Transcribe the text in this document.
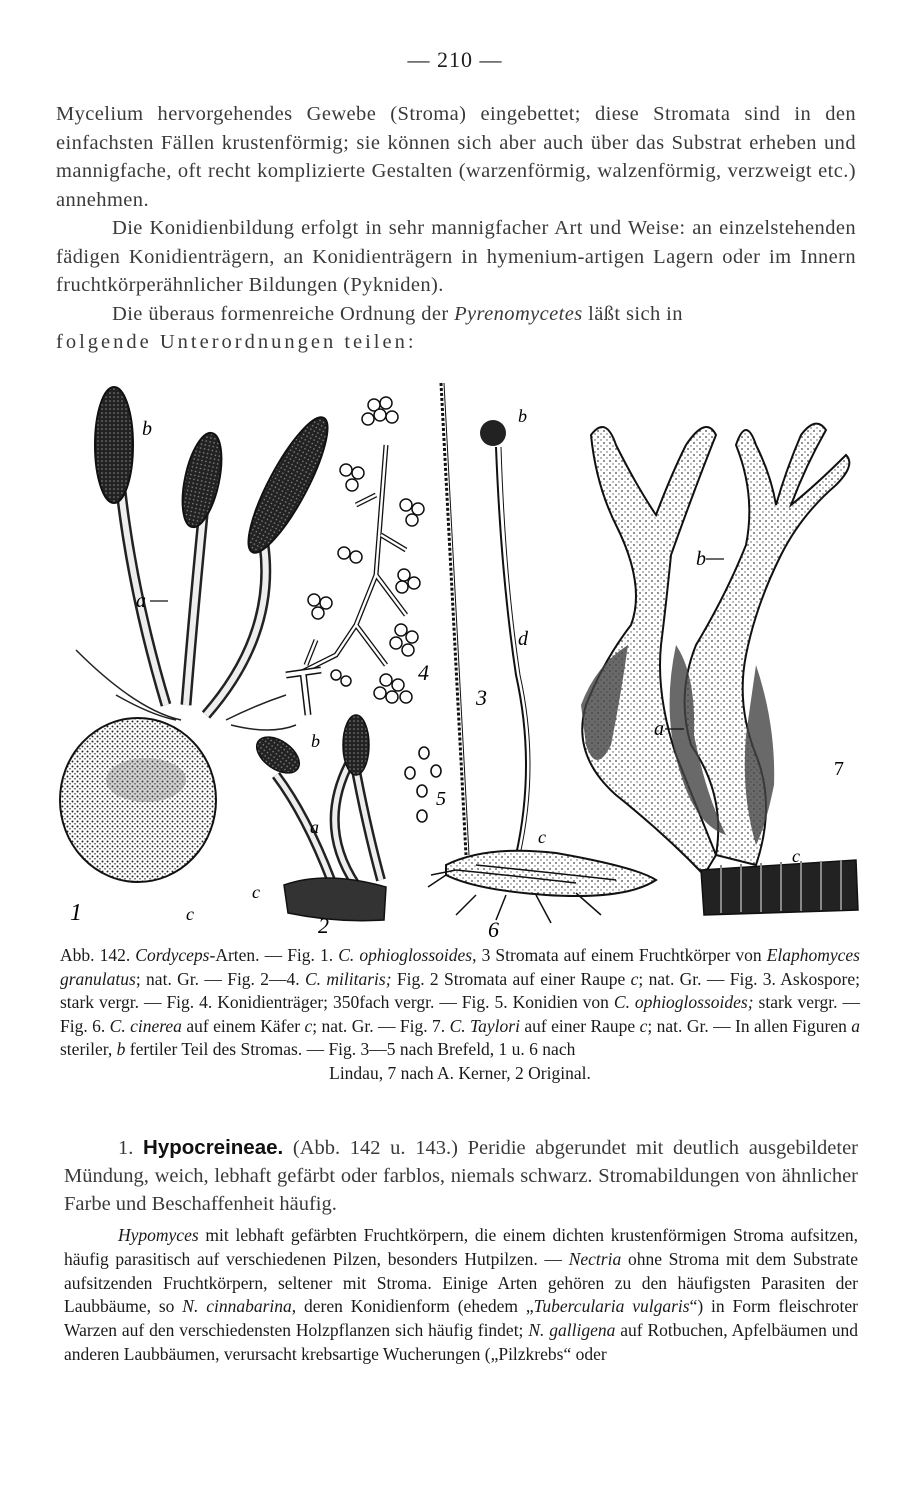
— 210 —

Mycelium hervorgehendes Gewebe (Stroma) eingebettet; diese Stromata sind in den einfachsten Fällen krustenförmig; sie können sich aber auch über das Substrat erheben und mannigfache, oft recht komplizierte Gestalten (warzenförmig, walzenförmig, verzweigt etc.) annehmen.

Die Konidienbildung erfolgt in sehr mannigfacher Art und Weise: an einzelstehenden fädigen Konidienträgern, an Konidienträgern in hymenium-artigen Lagern oder im Innern fruchtkörperähnlicher Bildungen (Pykniden).

Die überaus formenreiche Ordnung der Pyrenomycetes läßt sich in
folgende Unterordnungen teilen:

b
a
1	c
4
3
b
a
c
2
5
b
d
c
6
b
a
c
7
Abb. 142. Cordyceps-Arten. — Fig. 1. C. ophioglossoides, 3 Stromata auf einem Fruchtkörper von Elaphomyces granulatus; nat. Gr. — Fig. 2—4. C. militaris; Fig. 2 Stromata auf einer Raupe c; nat. Gr. — Fig. 3. Askospore; stark vergr. — Fig. 4. Konidienträger; 350fach vergr. — Fig. 5. Konidien von C. ophioglossoides; stark vergr. — Fig. 6. C. cinerea auf einem Käfer c; nat. Gr. — Fig. 7. C. Taylori auf einer Raupe c; nat. Gr. — In allen Figuren a steriler, b fertiler Teil des Stromas. — Fig. 3—5 nach Brefeld, 1 u. 6 nach
Lindau, 7 nach A. Kerner, 2 Original.

1. Hypocreineae. (Abb. 142 u. 143.) Peridie abgerundet mit deutlich ausgebildeter Mündung, weich, lebhaft gefärbt oder farblos, niemals schwarz. Stromabildungen von ähnlicher Farbe und Beschaffenheit häufig.

Hypomyces mit lebhaft gefärbten Fruchtkörpern, die einem dichten krustenförmigen Stroma aufsitzen, häufig parasitisch auf verschiedenen Pilzen, besonders Hutpilzen. — Nectria ohne Stroma mit dem Substrate aufsitzenden Fruchtkörpern, seltener mit Stroma. Einige Arten gehören zu den häufigsten Parasiten der Laubbäume, so N. cinnabarina, deren Konidienform (ehedem „Tubercularia vulgaris“) in Form fleischroter Warzen auf den verschiedensten Holzpflanzen sich häufig findet; N. galligena auf Rotbuchen, Apfelbäumen und anderen Laubbäumen, verursacht krebsartige Wucherungen („Pilzkrebs“ oder
